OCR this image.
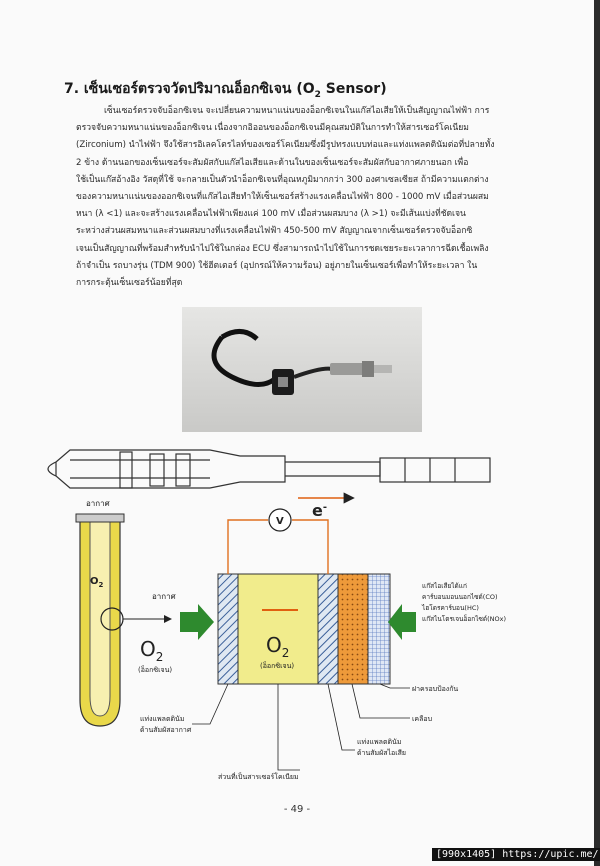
7. เซ็นเซอร์ตรวจวัดปริมาณอ็อกซิเจน ($O_2$ Sensor)

เซ็นเซอร์ตรวจจับอ็อกซิเจน จะเปลี่ยนความหนาแน่นของอ็อกซิเจนในแก๊สไอเสียให้เป็นสัญญาณไฟฟ้า การ

ตรวจจับความหนาแน่นของอ็อกซิเจน เนื่องจากอิออนของอ็อกซิเจนมีคุณสมบัติในการทำให้สารเซอร์โคเนียม

(Zirconium) นำไฟฟ้า จึงใช้สารอิเลคโตรไลท์ของเซอร์โคเนียมซึ่งมีรูปทรงแบบท่อและแท่งแพลตตินัมต่อที่ปลายทั้ง

2 ข้าง ด้านนอกของเซ็นเซอร์จะสัมผัสกับแก๊สไอเสียและด้านในของเซ็นเซอร์จะสัมผัสกับอากาศภายนอก เพื่อ

ใช้เป็นแก๊สอ้างอิง วัสดุที่ใช้ จะกลายเป็นตัวนำอ็อกซิเจนที่อุณหภูมิมากกว่า 300 องศาเซลเซียส ถ้ามีความแตกต่าง

ของความหนาแน่นของออกซิเจนที่แก๊สไอเสียทำให้เซ็นเซอร์สร้างแรงเคลื่อนไฟฟ้า 800 - 1000 mV เมื่อส่วนผสม

หนา (λ <1) และจะสร้างแรงเคลื่อนไฟฟ้าเพียงแค่ 100 mV เมื่อส่วนผสมบาง (λ >1) จะมีเส้นแบ่งที่ชัดเจน

ระหว่างส่วนผสมหนาและส่วนผสมบางที่แรงเคลื่อนไฟฟ้า 450-500 mV สัญญาณจากเซ็นเซอร์ตรวจจับอ็อกซิ

เจนเป็นสัญญาณที่พร้อมสำหรับนำไปใช้ในกล่อง ECU ซึ่งสามารถนำไปใช้ในการชดเชยระยะเวลาการฉีดเชื้อเพลิง

ถ้าจำเป็น รถบางรุ่น (TDM 900) ใช้ฮีตเตอร์ (อุปกรณ์ให้ความร้อน) อยู่ภายในเซ็นเซอร์เพื่อทำให้ระยะเวลา ใน

การกระตุ้นเซ็นเซอร์น้อยที่สุด

อากาศ
$O_2$
อากาศ
$O_2$
(อ็อกซิเจน)
$O_2$
(อ็อกซิเจน)
V
e-
แก๊สไอเสียได้แก่
คาร์บอนมอนนอกไซด์(CO)
ไฮโดรคาร์บอน(HC)
แก๊สไนโตรเจนอ็อกไซด์(NOx)
ฝาครอบป้องกัน
เคลือบ
แท่งแพลตตินัม
ด้านสัมผัสไอเสีย
แท่งแพลตตินัม
ด้านสัมผัสอากาศ
ส่วนที่เป็นสารเซอร์โคเนียม
- 49 -
[990x1405] https://upic.me/
